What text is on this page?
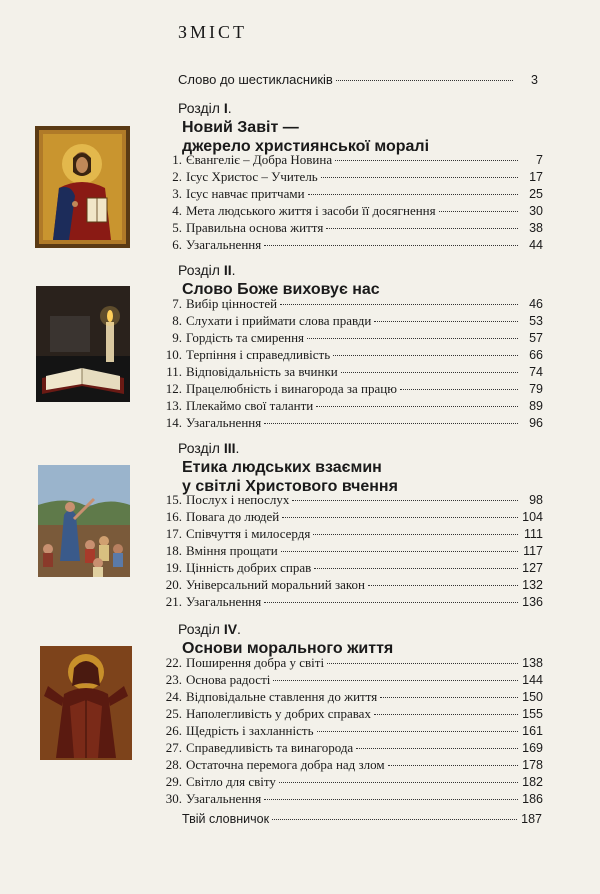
ЗМІСТ
Слово до шестикласників	3
Розділ I.
Новий Завіт —
джерело християнської моралі
1. Євангеліє – Добра Новина	7
2. Ісус Христос – Учитель	17
3. Ісус навчає притчами	25
4. Мета людського життя і засоби її досягнення	30
5. Правильна основа життя	38
6. Узагальнення	44
Розділ II.
Слово Боже виховує нас
7. Вибір цінностей	46
8. Слухати і приймати слова правди	53
9. Гордість та смирення	57
10. Терпіння і справедливість	66
11. Відповідальність за вчинки	74
12. Працелюбність і винагорода за працю	79
13. Плекаймо свої таланти	89
14. Узагальнення	96
Розділ III.
Етика людських взаємин
у світлі Христового вчення
15. Послух і непослух	98
16. Повага до людей	104
17. Співчуття і милосердя	111
18. Вміння прощати	117
19. Цінність добрих справ	127
20. Універсальний моральний закон	132
21. Узагальнення	136
Розділ IV.
Основи морального життя
22. Поширення добра у світі	138
23. Основа радості	144
24. Відповідальне ставлення до життя	150
25. Наполегливість у добрих справах	155
26. Щедрість і захланність	161
27. Справедливість та винагорода	169
28. Остаточна перемога добра над злом	178
29. Світло для світу	182
30. Узагальнення	186
Твій словничок	187
